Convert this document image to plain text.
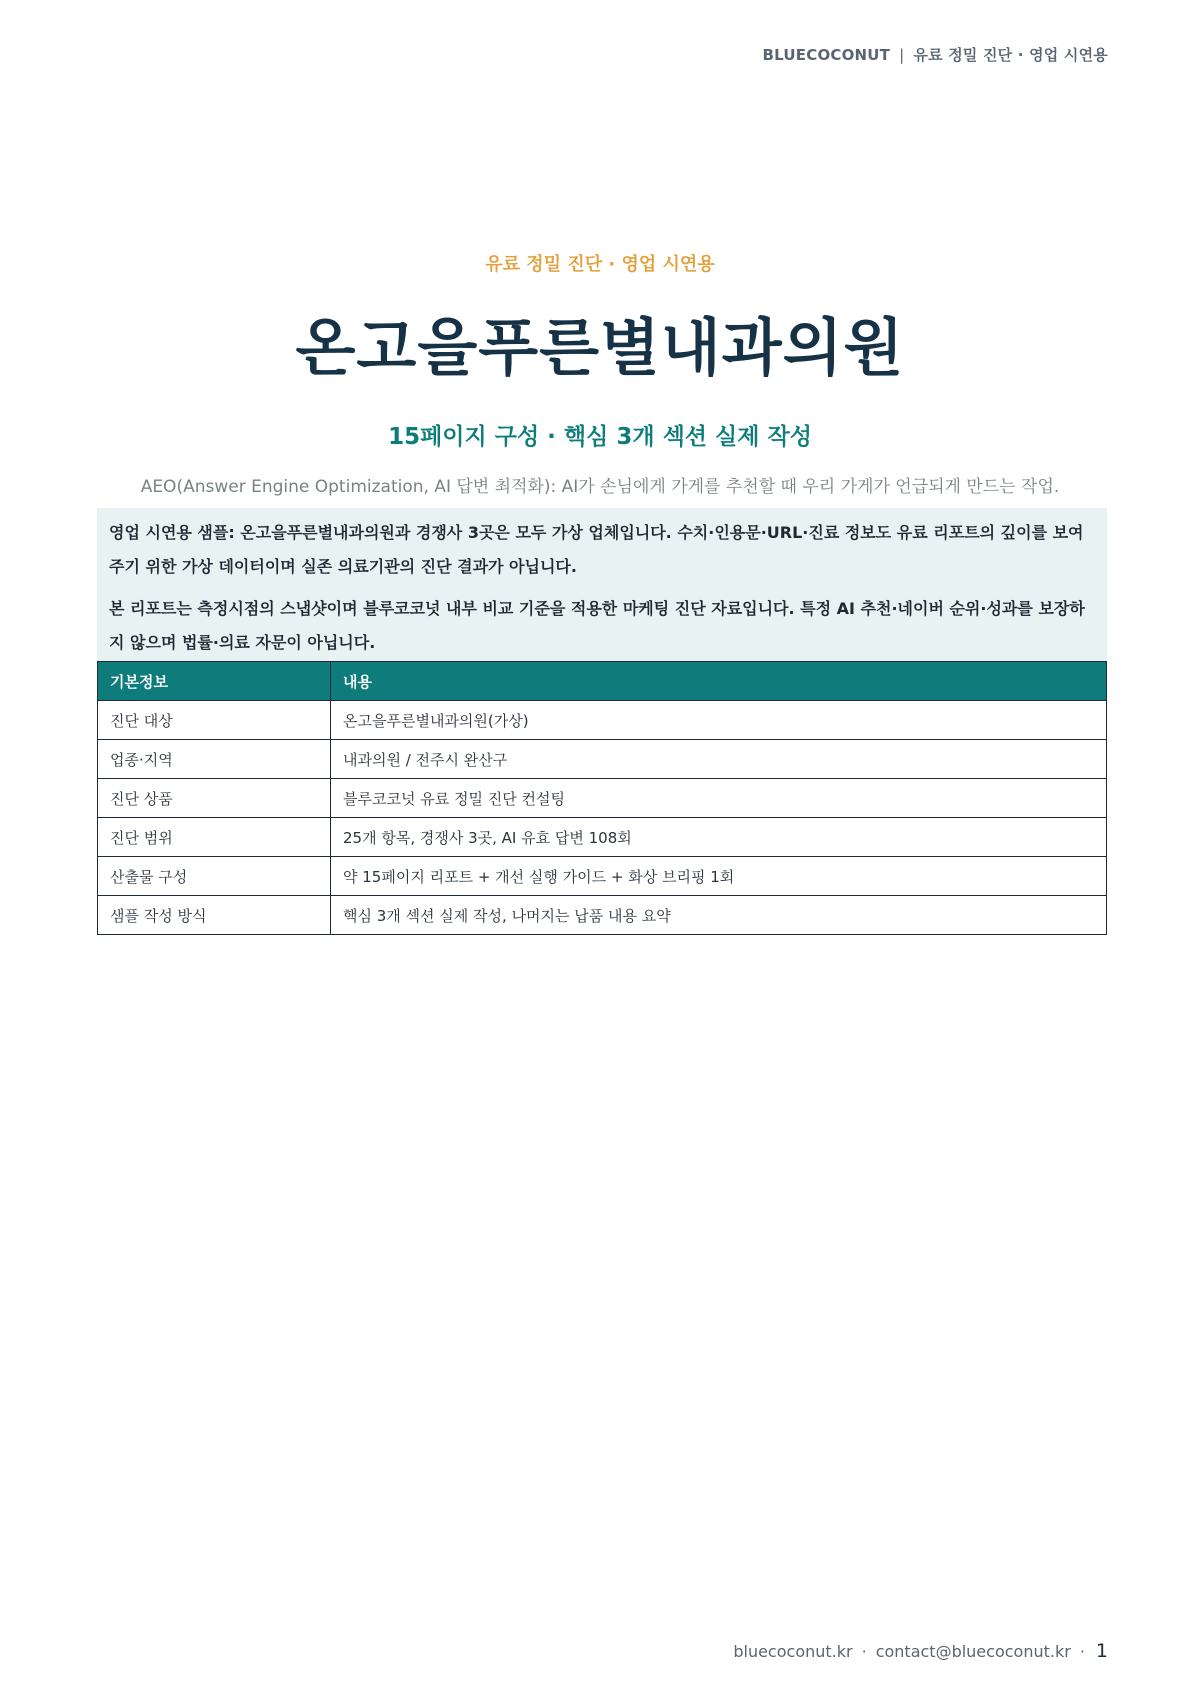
BLUECOCONUT | 유료 정밀 진단 · 영업 시연용
유료 정밀 진단 · 영업 시연용
온고을푸른별내과의원
15페이지 구성 · 핵심 3개 섹션 실제 작성
AEO(Answer Engine Optimization, AI 답변 최적화): AI가 손님에게 가게를 추천할 때 우리 가게가 언급되게 만드는 작업.

영업 시연용 샘플: 온고을푸른별내과의원과 경쟁사 3곳은 모두 가상 업체입니다. 수치·인용문·URL·진료 정보도 유료 리포트의 깊이를 보여주기 위한 가상 데이터이며 실존 의료기관의 진단 결과가 아닙니다.

본 리포트는 측정시점의 스냅샷이며 블루코코넛 내부 비교 기준을 적용한 마케팅 진단 자료입니다. 특정 AI 추천·네이버 순위·성과를 보장하지 않으며 법률·의료 자문이 아닙니다.

기본정보	내용
진단 대상	온고을푸른별내과의원(가상)
업종·지역	내과의원 / 전주시 완산구
진단 상품	블루코코넛 유료 정밀 진단 컨설팅
진단 범위	25개 항목, 경쟁사 3곳, AI 유효 답변 108회
산출물 구성	약 15페이지 리포트 + 개선 실행 가이드 + 화상 브리핑 1회
샘플 작성 방식	핵심 3개 섹션 실제 작성, 나머지는 납품 내용 요약
bluecoconut.kr · contact@bluecoconut.kr · 1
